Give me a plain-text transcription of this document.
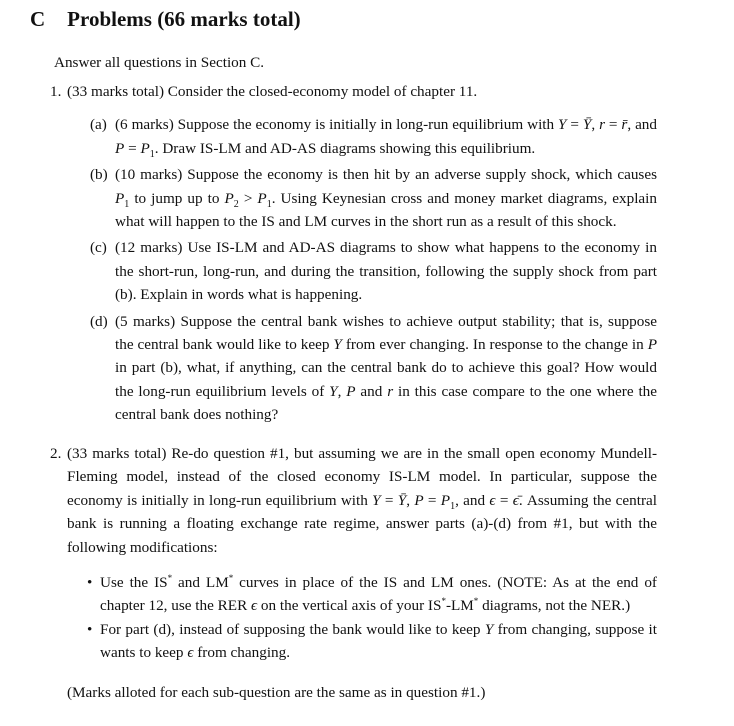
C Problems (66 marks total)
Answer all questions in Section C.
1. (33 marks total) Consider the closed-economy model of chapter 11.
(a) (6 marks) Suppose the economy is initially in long-run equilibrium with Y = Ȳ, r = r̄, and $P = P_1$. Draw IS-LM and AD-AS diagrams showing this equilibrium.
(b) (10 marks) Suppose the economy is then hit by an adverse supply shock, which causes $P_1$ to jump up to $P_2 > P_1$. Using Keynesian cross and money market diagrams, explain what will happen to the IS and LM curves in the short run as a result of this shock.
(c) (12 marks) Use IS-LM and AD-AS diagrams to show what happens to the economy in the short-run, long-run, and during the transition, following the supply shock from part (b). Explain in words what is happening.
(d) (5 marks) Suppose the central bank wishes to achieve output stability; that is, suppose the central bank would like to keep Y from ever changing. In response to the change in P in part (b), what, if anything, can the central bank do to achieve this goal? How would the long-run equilibrium levels of Y, P and r in this case compare to the one where the central bank does nothing?
2. (33 marks total) Re-do question #1, but assuming we are in the small open economy Mundell-Fleming model, instead of the closed economy IS-LM model. In particular, suppose the economy is initially in long-run equilibrium with Y = Ȳ, $P = P_1$, and ϵ = ϵ̄. Assuming the central bank is running a floating exchange rate regime, answer parts (a)-(d) from #1, but with the following modifications:
• Use the IS* and LM* curves in place of the IS and LM ones. (NOTE: As at the end of chapter 12, use the RER ϵ on the vertical axis of your IS*-LM* diagrams, not the NER.)
• For part (d), instead of supposing the bank would like to keep Y from changing, suppose it wants to keep ϵ from changing.
(Marks alloted for each sub-question are the same as in question #1.)
